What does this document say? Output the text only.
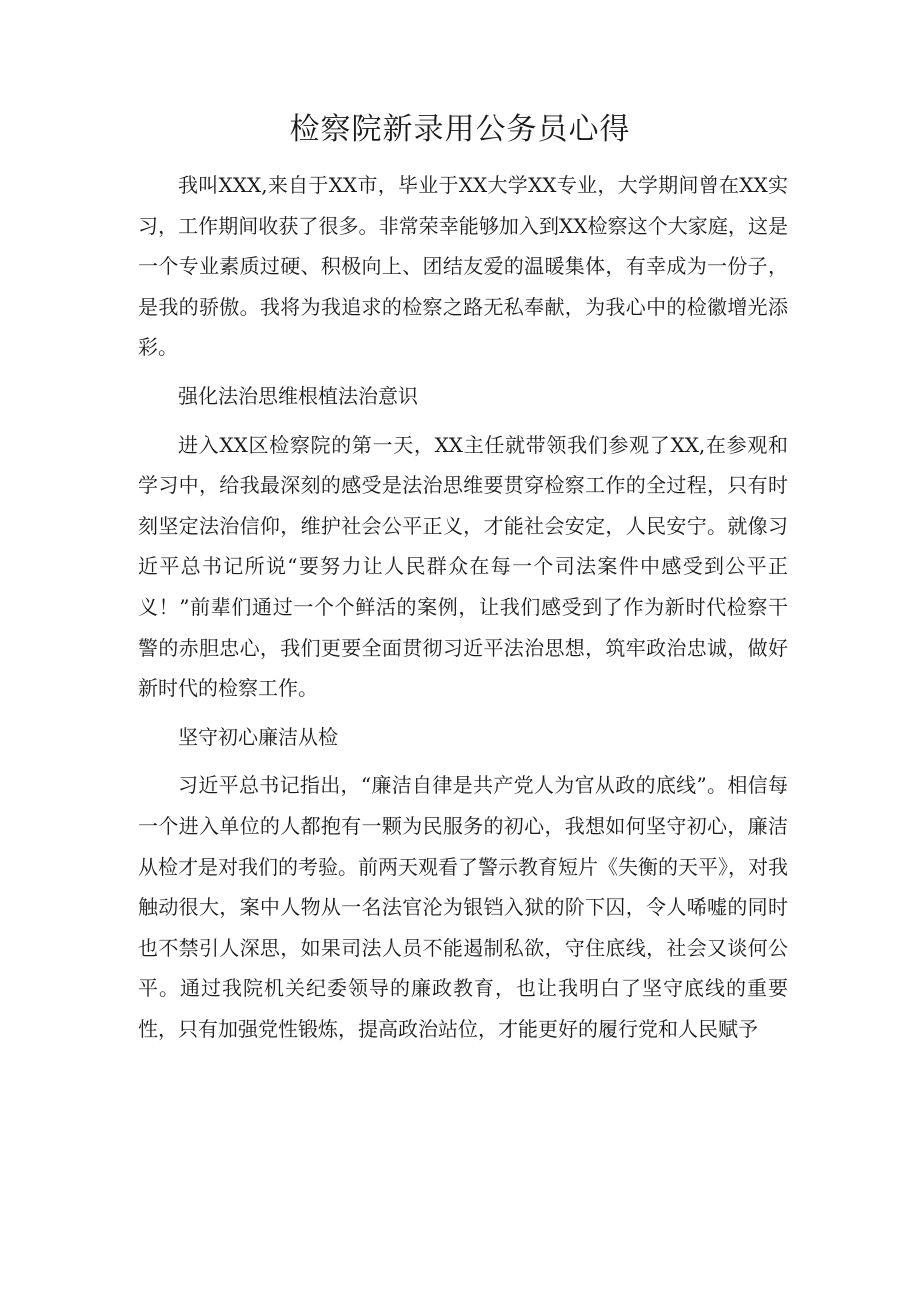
检察院新录用公务员心得

我叫XXX,来自于XX市，毕业于XX大学XX专业，大学期间曾在XX实习，工作期间收获了很多。非常荣幸能够加入到XX检察这个大家庭，这是一个专业素质过硬、积极向上、团结友爱的温暖集体，有幸成为一份子，是我的骄傲。我将为我追求的检察之路无私奉献，为我心中的检徽增光添彩。

强化法治思维根植法治意识

进入XX区检察院的第一天，XX主任就带领我们参观了XX,在参观和学习中，给我最深刻的感受是法治思维要贯穿检察工作的全过程，只有时刻坚定法治信仰，维护社会公平正义，才能社会安定，人民安宁。就像习近平总书记所说“要努力让人民群众在每一个司法案件中感受到公平正义！”前辈们通过一个个鲜活的案例，让我们感受到了作为新时代检察干警的赤胆忠心，我们更要全面贯彻习近平法治思想，筑牢政治忠诚，做好新时代的检察工作。

坚守初心廉洁从检

习近平总书记指出，“廉洁自律是共产党人为官从政的底线”。相信每一个进入单位的人都抱有一颗为民服务的初心，我想如何坚守初心，廉洁从检才是对我们的考验。前两天观看了警示教育短片《失衡的天平》，对我触动很大，案中人物从一名法官沦为银铛入狱的阶下囚，令人唏嘘的同时也不禁引人深思，如果司法人员不能遏制私欲，守住底线，社会又谈何公平。通过我院机关纪委领导的廉政教育，也让我明白了坚守底线的重要性，只有加强党性锻炼，提高政治站位，才能更好的履行党和人民赋予
